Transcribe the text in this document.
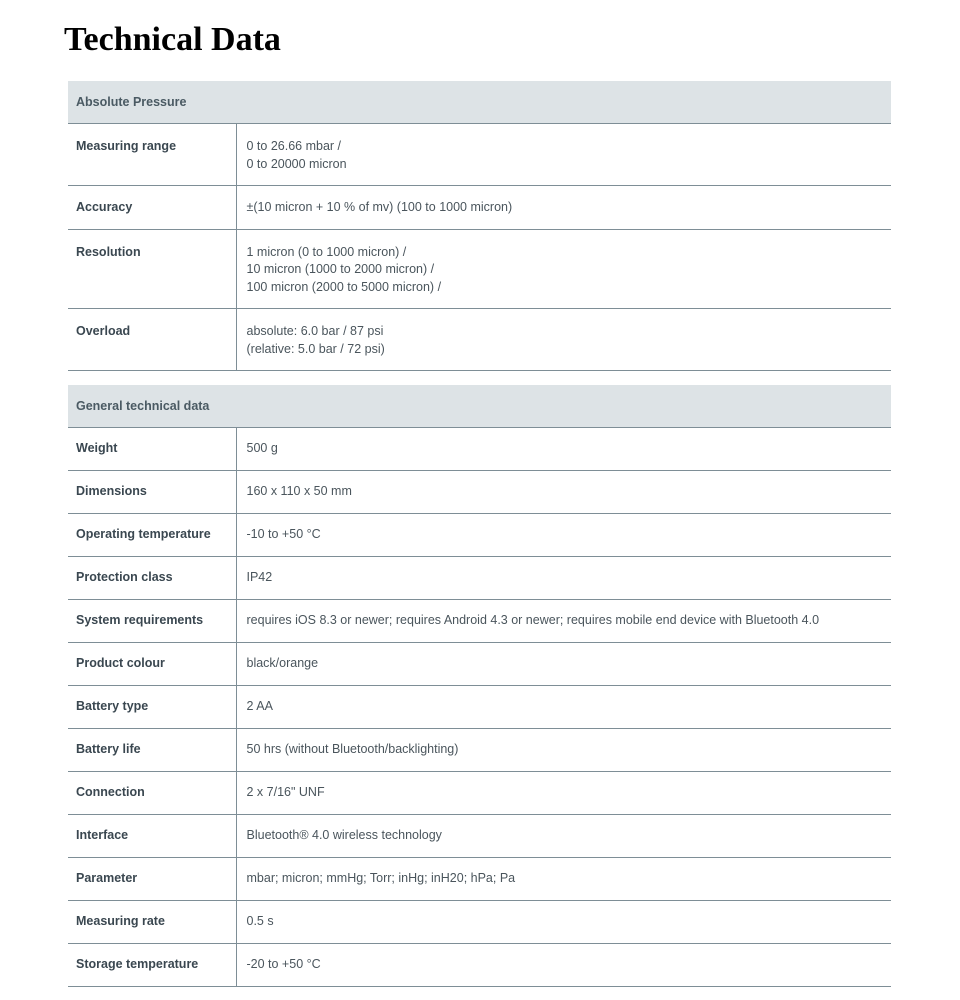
Technical Data
Absolute Pressure	
Measuring range	0 to 26.66 mbar /
0 to 20000 micron

Accuracy	±(10 micron + 10 % of mv) (100 to 1000 micron)

Resolution	1 micron (0 to 1000 micron) /
10 micron (1000 to 2000 micron) /
100 micron (2000 to 5000 micron) /

Overload	absolute: 6.0 bar / 87 psi
(relative: 5.0 bar / 72 psi)
General technical data	
Weight	500 g
Dimensions	160 x 110 x 50 mm
Operating temperature	-10 to +50 °C
Protection class	IP42
System requirements	requires iOS 8.3 or newer; requires Android 4.3 or newer; requires mobile end device with Bluetooth 4.0
Product colour	black/orange
Battery type	2 AA
Battery life	50 hrs (without Bluetooth/backlighting)
Connection	2 x 7/16" UNF
Interface	Bluetooth® 4.0 wireless technology
Parameter	mbar; micron; mmHg; Torr; inHg; inH20; hPa; Pa
Measuring rate	0.5 s
Storage temperature	-20 to +50 °C
